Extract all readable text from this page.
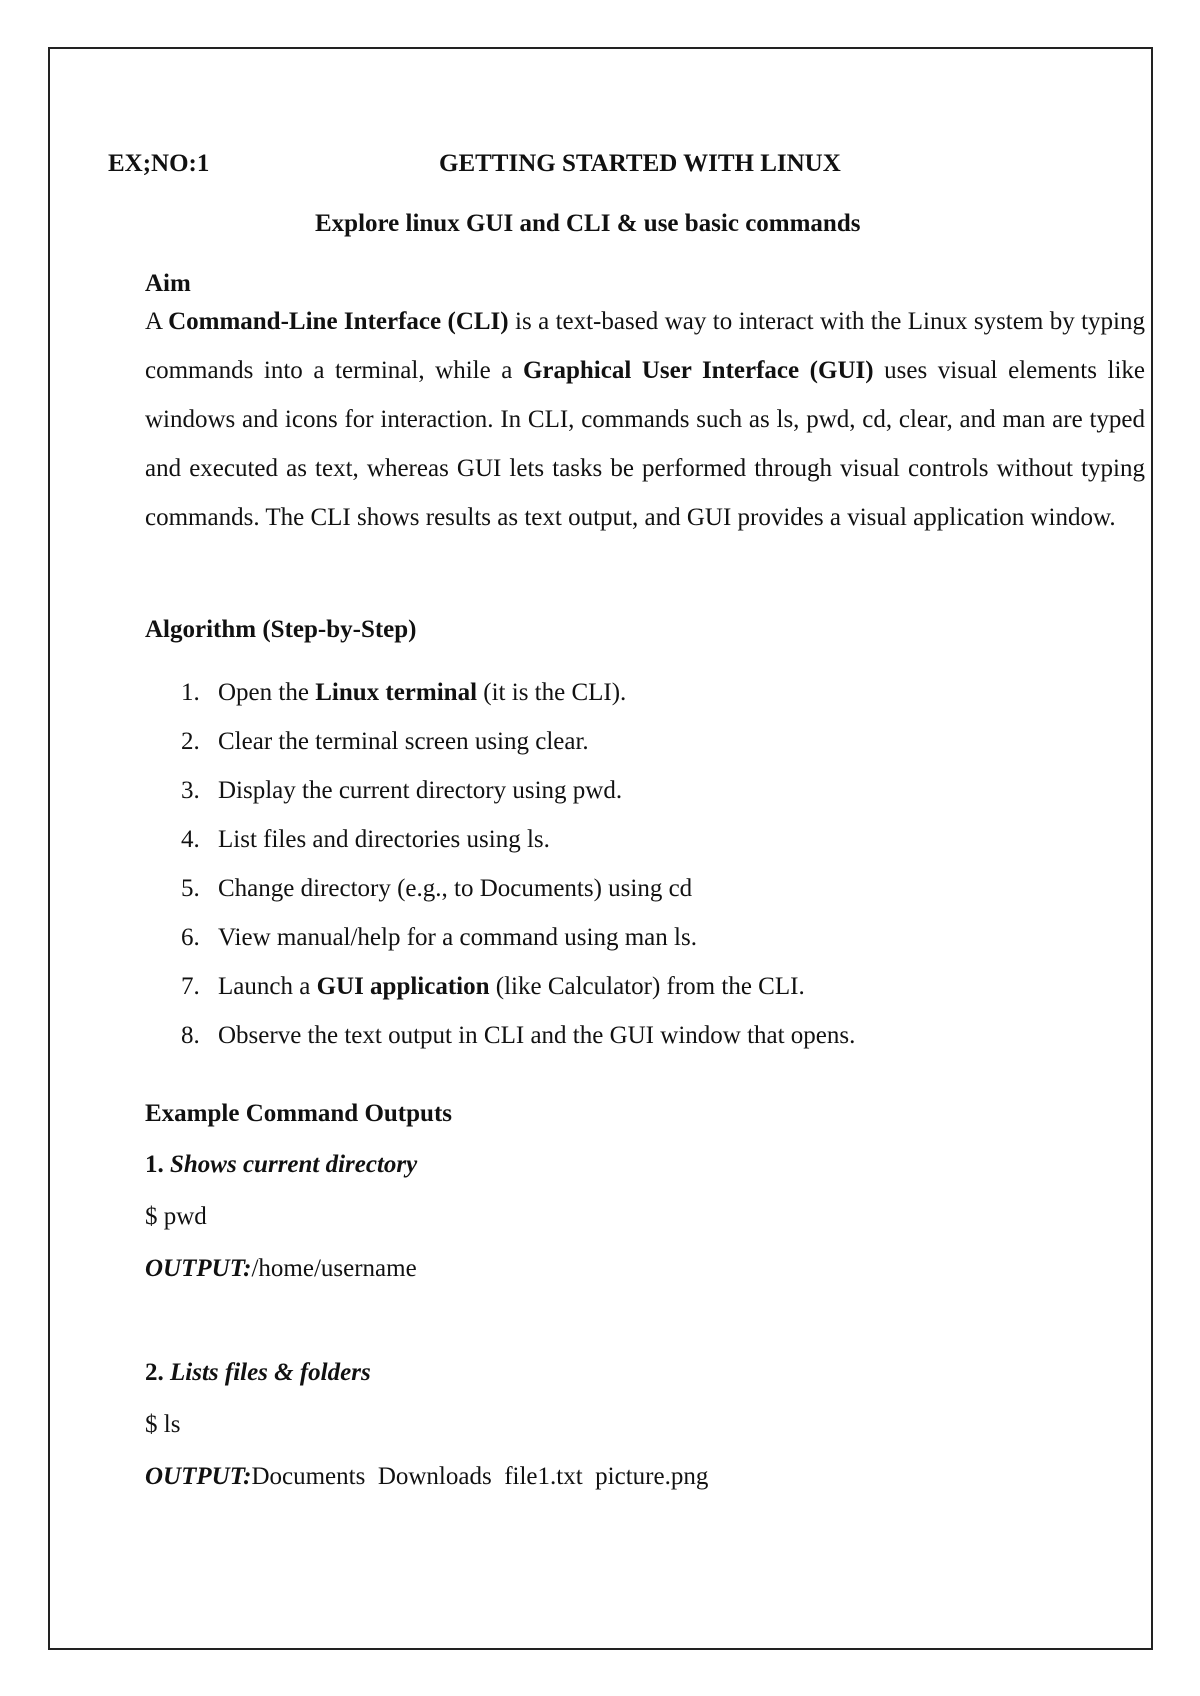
EX;NO:1	GETTING STARTED WITH LINUX
Explore linux GUI and CLI & use basic commands
Aim
A Command-Line Interface (CLI) is a text-based way to interact with the Linux system by typing commands into a terminal, while a Graphical User Interface (GUI) uses visual elements like windows and icons for interaction. In CLI, commands such as ls, pwd, cd, clear, and man are typed and executed as text, whereas GUI lets tasks be performed through visual controls without typing commands. The CLI shows results as text output, and GUI provides a visual application window.
Algorithm (Step-by-Step)
1. Open the Linux terminal (it is the CLI).
2. Clear the terminal screen using clear.
3. Display the current directory using pwd.
4. List files and directories using ls.
5. Change directory (e.g., to Documents) using cd
6. View manual/help for a command using man ls.
7. Launch a GUI application (like Calculator) from the CLI.
8. Observe the text output in CLI and the GUI window that opens.
Example Command Outputs
1. Shows current directory
$ pwd
OUTPUT:/home/username
2. Lists files & folders
$ ls
OUTPUT:Documents  Downloads  file1.txt  picture.png
